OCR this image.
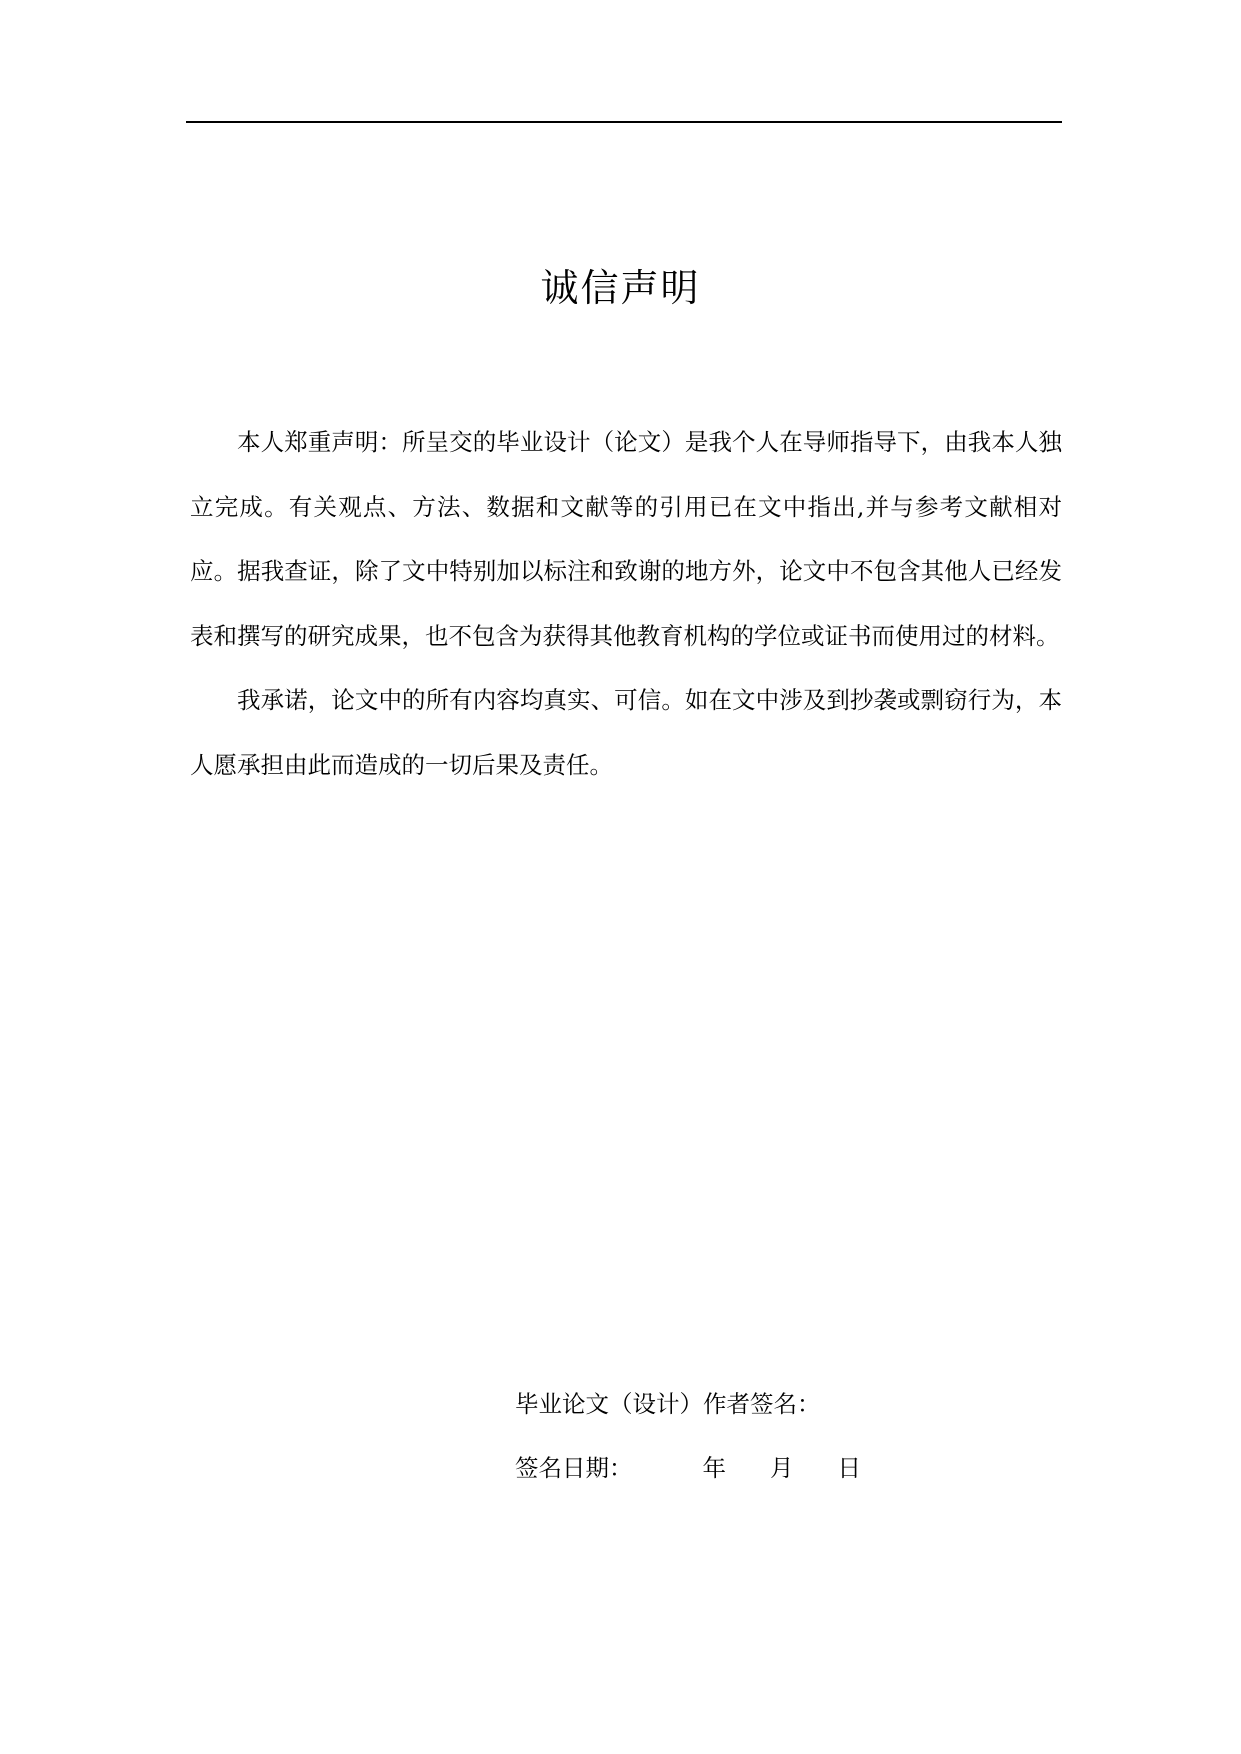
诚信声明

本人郑重声明：所呈交的毕业设计（论文）是我个人在导师指导下，由我本人独立完成。有关观点、方法、数据和文献等的引用已在文中指出,并与参考文献相对应。据我查证，除了文中特别加以标注和致谢的地方外，论文中不包含其他人已经发表和撰写的研究成果，也不包含为获得其他教育机构的学位或证书而使用过的材料。

我承诺，论文中的所有内容均真实、可信。如在文中涉及到抄袭或剽窃行为，本人愿承担由此而造成的一切后果及责任。

毕业论文（设计）作者签名：
签名日期：	年 月 日
